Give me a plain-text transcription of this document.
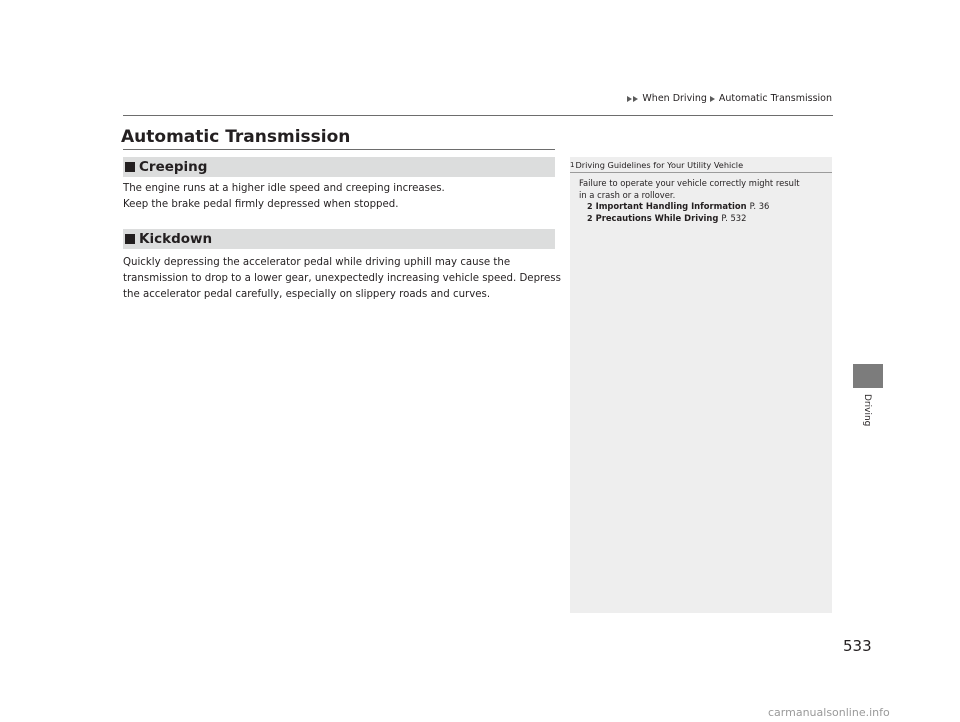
When Driving Automatic Transmission
Automatic Transmission
Creeping
The engine runs at a higher idle speed and creeping increases.
Keep the brake pedal firmly depressed when stopped.
Kickdown
Quickly depressing the accelerator pedal while driving uphill may cause the
transmission to drop to a lower gear, unexpectedly increasing vehicle speed. Depress
the accelerator pedal carefully, especially on slippery roads and curves.
1 Driving Guidelines for Your Utility Vehicle
Failure to operate your vehicle correctly might result
in a crash or a rollover.
2 Important Handling Information P. 36
2 Precautions While Driving P. 532
Driving
533
carmanualsonline.info
